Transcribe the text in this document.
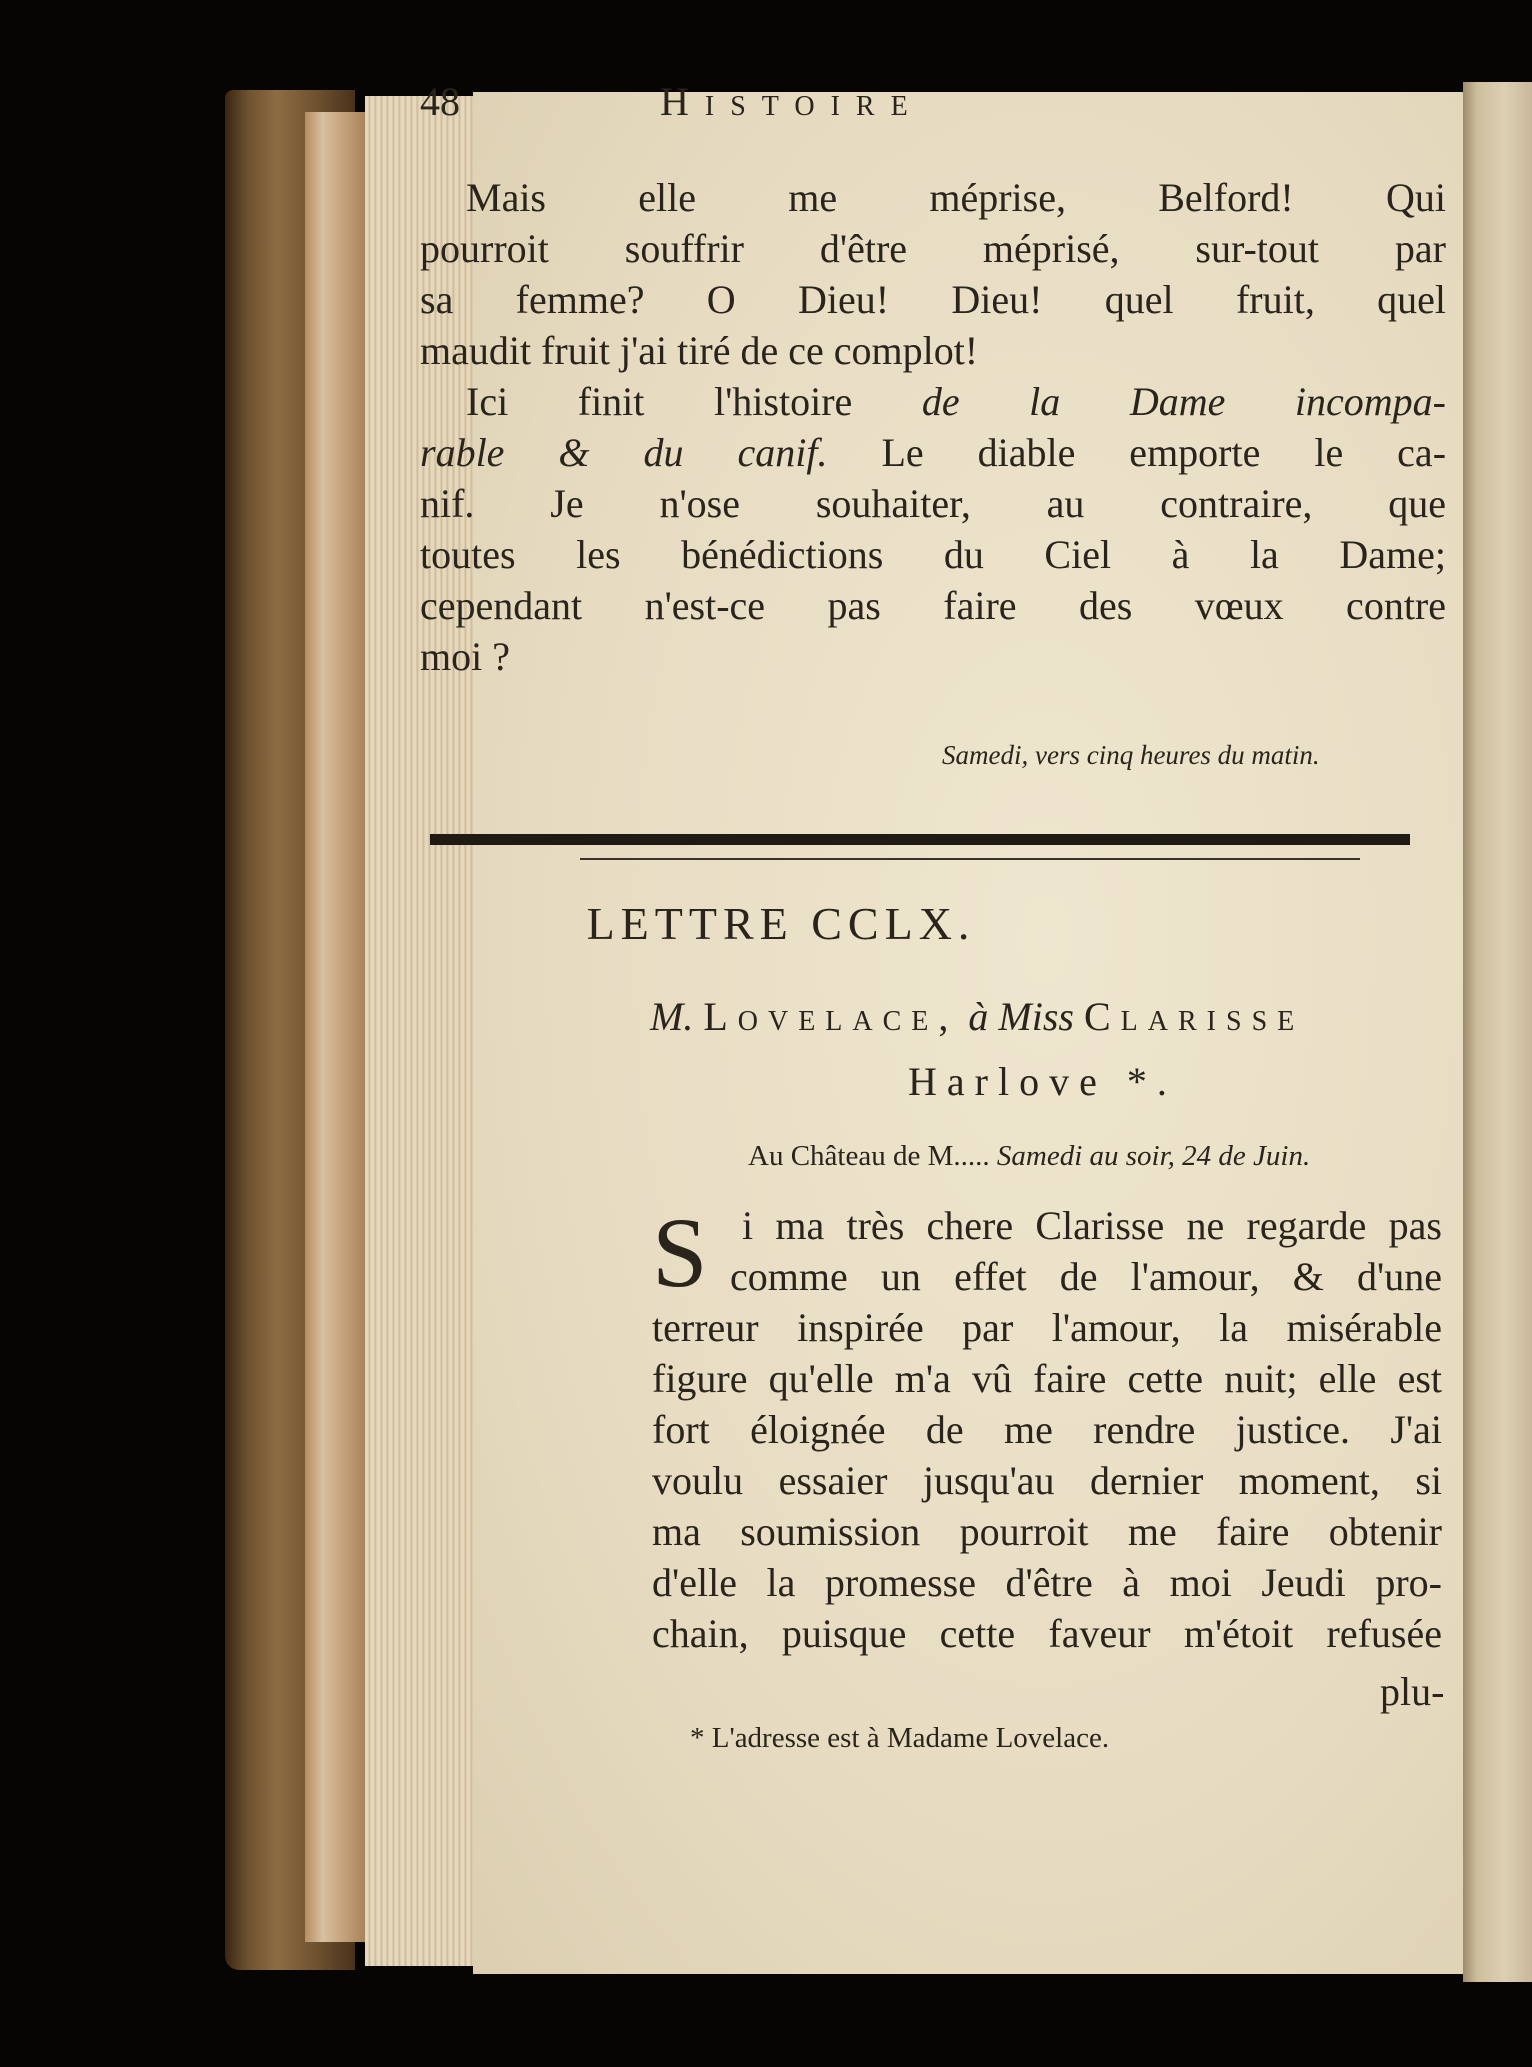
48	Histoire
Mais elle me méprise, Belford! Qui
pourroit souffrir d'être méprisé, sur-tout par
sa femme? O Dieu! Dieu! quel fruit, quel
maudit fruit j'ai tiré de ce complot!
Ici finit l'histoire de la Dame incompa-
rable & du canif. Le diable emporte le ca-
nif. Je n'ose souhaiter, au contraire, que
toutes les bénédictions du Ciel à la Dame;
cependant n'est-ce pas faire des vœux contre
moi ?
Samedi, vers cinq heures du matin.
LETTRE CCLX.
M. Lovelace, à Miss Clarisse
Harlove *.
Au Château de M..... Samedi au soir, 24 de Juin.
S i ma très chere Clarisse ne regarde pas
comme un effet de l'amour, & d'une
terreur inspirée par l'amour, la misérable
figure qu'elle m'a vû faire cette nuit; elle est
fort éloignée de me rendre justice. J'ai
voulu essaier jusqu'au dernier moment, si
ma soumission pourroit me faire obtenir
d'elle la promesse d'être à moi Jeudi pro-
chain, puisque cette faveur m'étoit refusée
plu-
* L'adresse est à Madame Lovelace.
